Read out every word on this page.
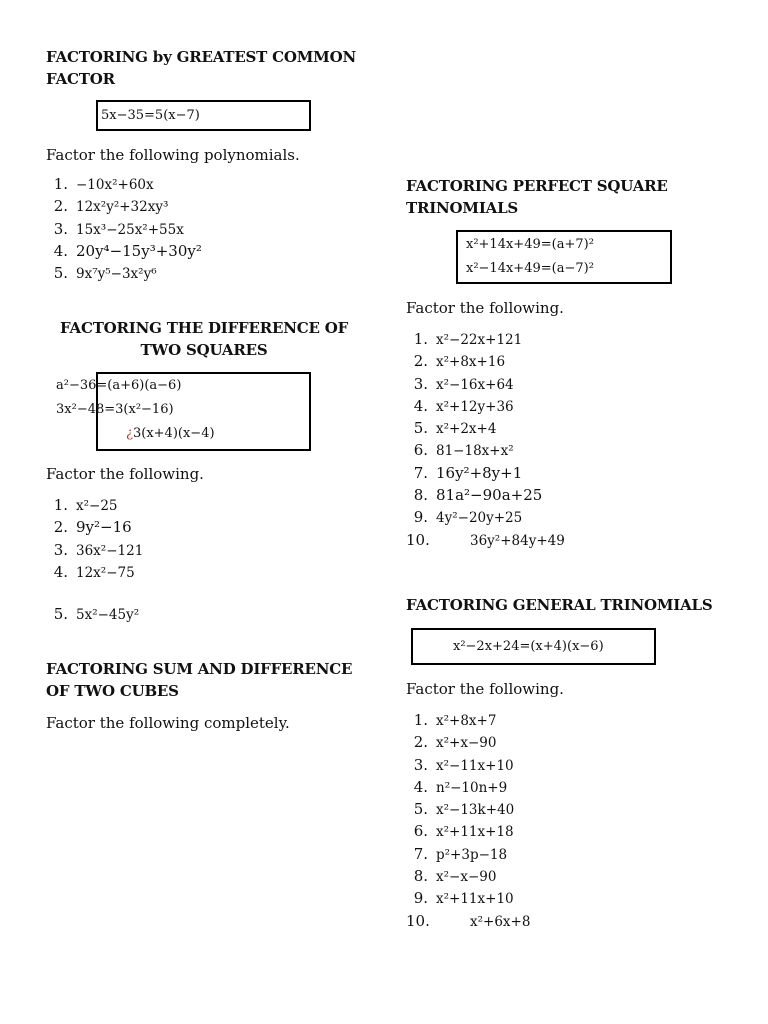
FACTORING by GREATEST COMMON FACTOR

5x−35=5(x−7)

Factor the following polynomials.

1. −10x²+60x
2. 12x²y²+32xy³
3. 15x³−25x²+55x
4. 20y⁴−15y³+30y²
5. 9x⁷y⁵−3x²y⁶

FACTORING THE DIFFERENCE OF

TWO SQUARES

a²−36=(a+6)(a−6)

3x²−48=3(x²−16)

¿3(x+4)(x−4)

Factor the following.

1. x²−25
2. 9y²−16
3. 36x²−121
4. 12x²−75
5. 5x²−45y²

FACTORING SUM AND DIFFERENCE

OF TWO CUBES

Factor the following completely.

FACTORING PERFECT SQUARE

TRINOMIALS

x²+14x+49=(a+7)²

x²−14x+49=(a−7)²

Factor the following.

1. x²−22x+121
2. x²+8x+16
3. x²−16x+64
4. x²+12y+36
5. x²+2x+4
6. 81−18x+x²
7. 16y²+8y+1
8. 81a²−90a+25
9. 4y²−20y+25
10.	36y²+84y+49

FACTORING GENERAL TRINOMIALS

x²−2x+24=(x+4)(x−6)

Factor the following.

1. x²+8x+7
2. x²+x−90
3. x²−11x+10
4. n²−10n+9
5. x²−13k+40
6. x²+11x+18
7. p²+3p−18
8. x²−x−90
9. x²+11x+10
10.	x²+6x+8
